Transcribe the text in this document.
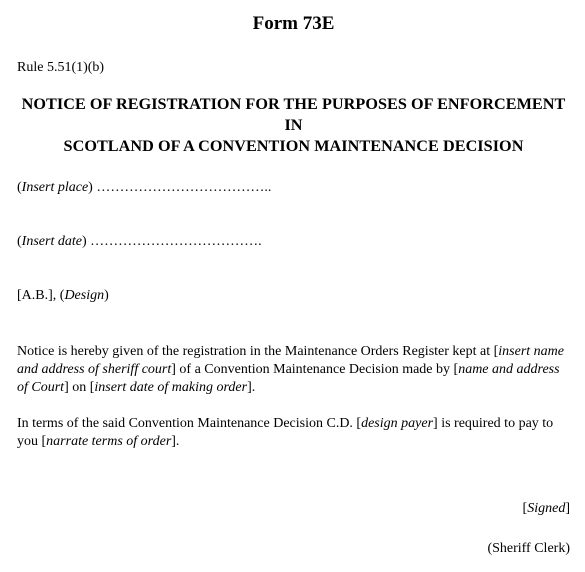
Form 73E

Rule 5.51(1)(b)

NOTICE OF REGISTRATION FOR THE PURPOSES OF ENFORCEMENT IN
SCOTLAND OF A CONVENTION MAINTENANCE DECISION

(Insert place) ………………………………..

(Insert date) ……………………………….

[A.B.], (Design)

Notice is hereby given of the registration in the Maintenance Orders Register kept at [insert name and address of sheriff court] of a Convention Maintenance Decision made by [name and address of Court] on [insert date of making order].

In terms of the said Convention Maintenance Decision C.D. [design payer] is required to pay to you [narrate terms of order].

[Signed]

(Sheriff Clerk)
